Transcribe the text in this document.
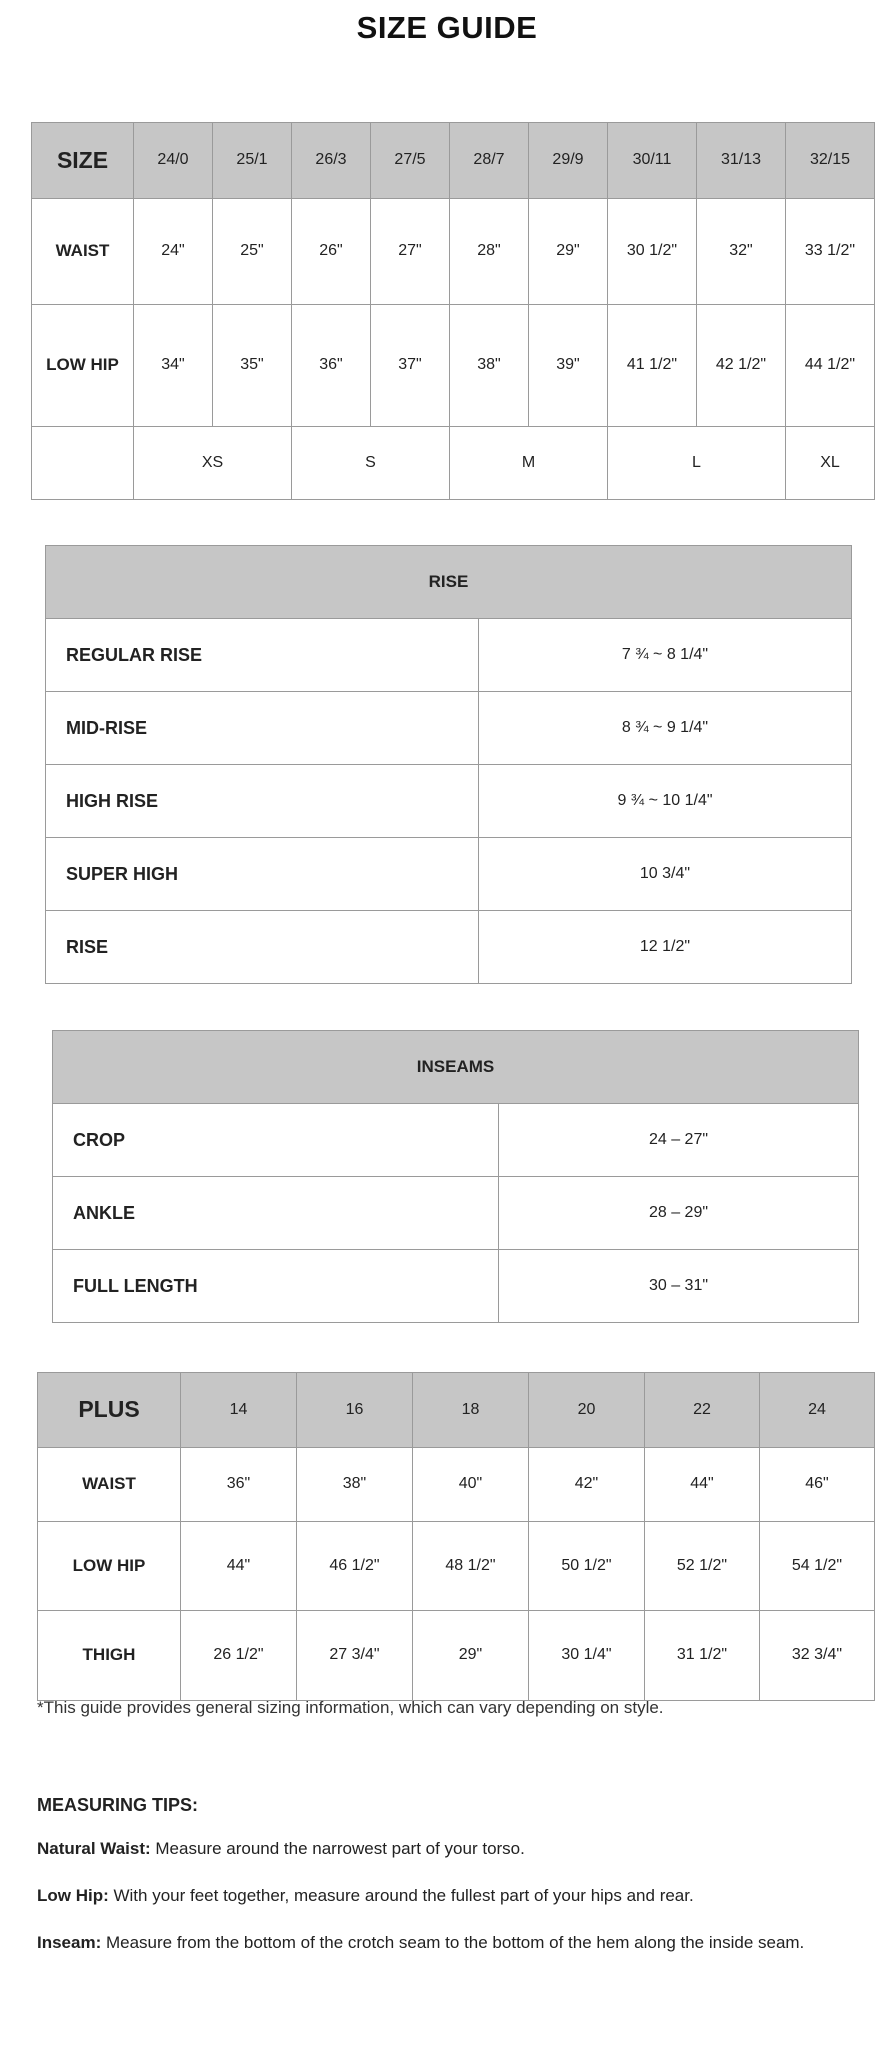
SIZE GUIDE
SIZE	24/0	25/1	26/3	27/5	28/7	29/9	30/11	31/13	32/15
WAIST	24"	25"	26"	27"	28"	29"	30 1/2"	32"	33 1/2"
LOW HIP	34"	35"	36"	37"	38"	39"	41 1/2"	42 1/2"	44 1/2"
	XS		S		M		L		XL
RISE	
REGULAR RISE	7 ¾ ~ 8 1/4"
MID-RISE	8 ¾ ~ 9 1/4"
HIGH RISE	9 ¾ ~ 10 1/4"
SUPER HIGH	10 3/4"
RISE	12 1/2"
INSEAMS	
CROP	24 – 27"
ANKLE	28 – 29"
FULL LENGTH	30 – 31"
PLUS	14	16	18	20	22	24
WAIST	36"	38"	40"	42"	44"	46"
LOW HIP	44"	46 1/2"	48 1/2"	50 1/2"	52 1/2"	54 1/2"
THIGH	26 1/2"	27 3/4"	29"	30 1/4"	31 1/2"	32 3/4"
*This guide provides general sizing information, which can vary depending on style.
MEASURING TIPS:

Natural Waist: Measure around the narrowest part of your torso.

Low Hip: With your feet together, measure around the fullest part of your hips and rear.

Inseam: Measure from the bottom of the crotch seam to the bottom of the hem along the inside seam.
